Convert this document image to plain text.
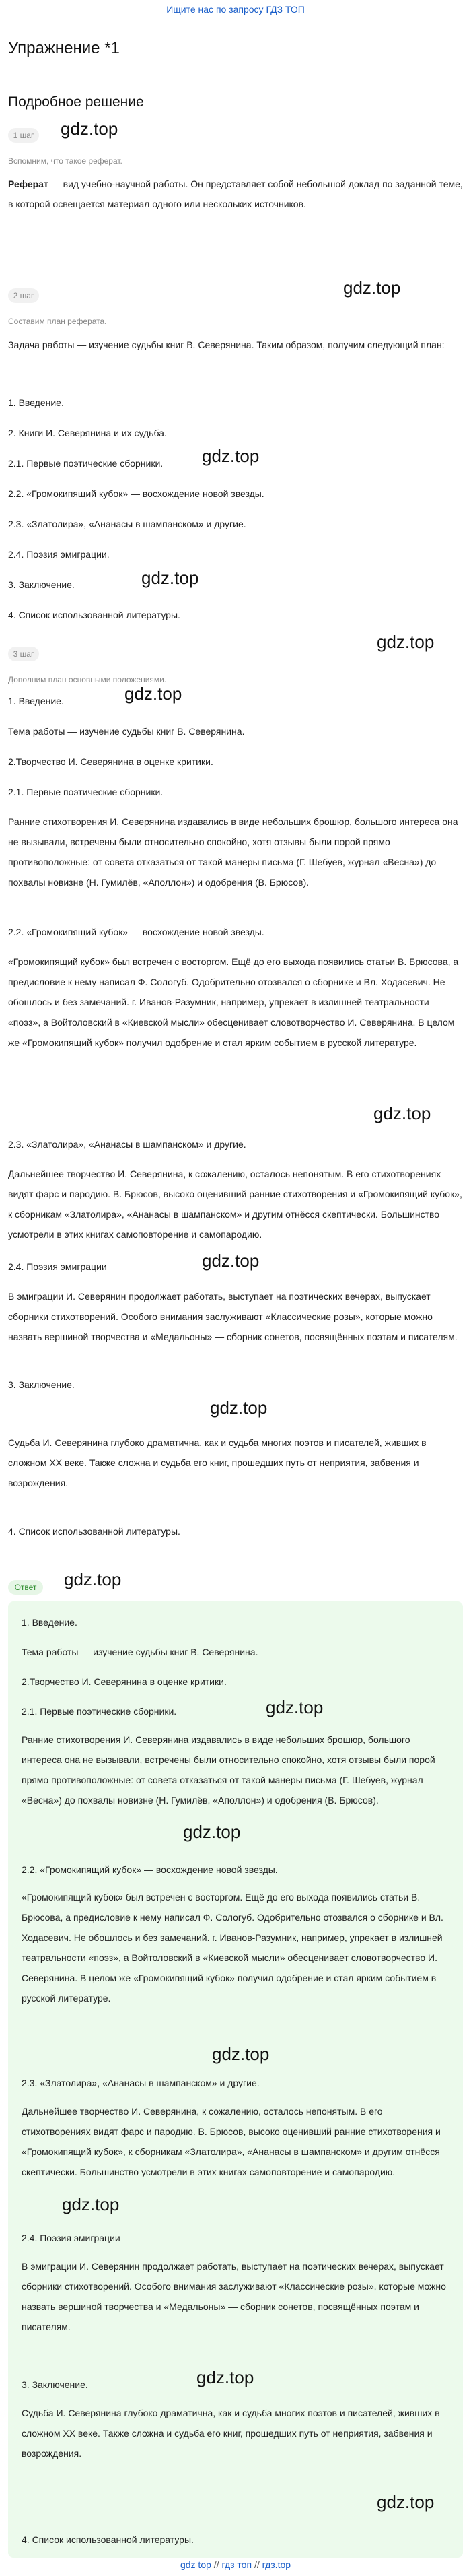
Ищите нас по запросу ГДЗ ТОП
Упражнение *1
Подробное решение
1 шаг gdz.top
Вспомним, что такое реферат.
Реферат — вид учебно-научной работы. Он представляет собой небольшой доклад по заданной теме, в которой освещается материал одного или нескольких источников.
2 шаг	gdz.top
Составим план реферата.
Задача работы — изучение судьбы книг В. Северянина. Таким образом, получим следующий план:
1. Введение.
2. Книги И. Северянина и их судьба.
2.1. Первые поэтические сборники.	gdz.top
2.2. «Громокипящий кубок» — восхождение новой звезды.
2.3. «Златолира», «Ананасы в шампанском» и другие.
2.4. Поэзия эмиграции.
3. Заключение.	gdz.top
4. Список использованной литературы.
gdz.top
3 шаг
Дополним план основными положениями.
1. Введение.	gdz.top
Тема работы — изучение судьбы книг В. Северянина.
2.Творчество И. Северянина в оценке критики.
2.1. Первые поэтические сборники.
Ранние стихотворения И. Северянина издавались в виде небольших брошюр, большого интереса она не вызывали, встречены были относительно спокойно, хотя отзывы были порой прямо противоположные: от совета отказаться от такой манеры письма (Г. Шебуев, журнал «Весна») до похвалы новизне (Н. Гумилёв, «Аполлон») и одобрения (В. Брюсов).
2.2. «Громокипящий кубок» — восхождение новой звезды.
«Громокипящий кубок» был встречен с восторгом. Ещё до его выхода появились статьи В. Брюсова, а предисловие к нему написал Ф. Сологуб. Одобрительно отозвался о сборнике и Вл. Ходасевич. Не обошлось и без замечаний. г. Иванов-Разумник, например, упрекает в излишней театральности «поэз», а Войтоловский в «Киевской мысли» обесценивает словотворчество И. Северянина. В целом же «Громокипящий кубок» получил одобрение и стал ярким событием в русской литературе.
gdz.top
2.3. «Златолира», «Ананасы в шампанском» и другие.
Дальнейшее творчество И. Северянина, к сожалению, осталось непонятым. В его стихотворениях видят фарс и пародию. В. Брюсов, высоко оценивший ранние стихотворения и «Громокипящий кубок», к сборникам «Златолира», «Ананасы в шампанском» и другим отнёсся скептически. Большинство усмотрели в этих книгах самоповторение и самопародию.
gdz.top
2.4. Поэзия эмиграции
В эмиграции И. Северянин продолжает работать, выступает на поэтических вечерах, выпускает сборники стихотворений. Особого внимания заслуживают «Классические розы», которые можно назвать вершиной творчества и «Медальоны» — сборник сонетов, посвящённых поэтам и писателям.
3. Заключение.
gdz.top
Судьба И. Северянина глубоко драматична, как и судьба многих поэтов и писателей, живших в сложном XX веке. Также сложна и судьба его книг, прошедших путь от неприятия, забвения и возрождения.
4. Список использованной литературы.
Ответ	gdz.top
1. Введение.
Тема работы — изучение судьбы книг В. Северянина.
2.Творчество И. Северянина в оценке критики.
gdz.top
2.1. Первые поэтические сборники.
Ранние стихотворения И. Северянина издавались в виде небольших брошюр, большого интереса она не вызывали, встречены были относительно спокойно, хотя отзывы были порой прямо противоположные: от совета отказаться от такой манеры письма (Г. Шебуев, журнал «Весна») до похвалы новизне (Н. Гумилёв, «Аполлон») и одобрения (В. Брюсов).
gdz.top
2.2. «Громокипящий кубок» — восхождение новой звезды.
«Громокипящий кубок» был встречен с восторгом. Ещё до его выхода появились статьи В. Брюсова, а предисловие к нему написал Ф. Сологуб. Одобрительно отозвался о сборнике и Вл. Ходасевич. Не обошлось и без замечаний. г. Иванов-Разумник, например, упрекает в излишней театральности «поэз», а Войтоловский в «Киевской мысли» обесценивает словотворчество И. Северянина. В целом же «Громокипящий кубок» получил одобрение и стал ярким событием в русской литературе.
gdz.top
2.3. «Златолира», «Ананасы в шампанском» и другие.
Дальнейшее творчество И. Северянина, к сожалению, осталось непонятым. В его стихотворениях видят фарс и пародию. В. Брюсов, высоко оценивший ранние стихотворения и «Громокипящий кубок», к сборникам «Златолира», «Ананасы в шампанском» и другим отнёсся скептически. Большинство усмотрели в этих книгах самоповторение и самопародию.
gdz.top
2.4. Поэзия эмиграции
В эмиграции И. Северянин продолжает работать, выступает на поэтических вечерах, выпускает сборники стихотворений. Особого внимания заслуживают «Классические розы», которые можно назвать вершиной творчества и «Медальоны» — сборник сонетов, посвящённых поэтам и писателям.
gdz.top
3. Заключение.
Судьба И. Северянина глубоко драматична, как и судьба многих поэтов и писателей, живших в сложном XX веке. Также сложна и судьба его книг, прошедших путь от неприятия, забвения и возрождения.
gdz.top
4. Список использованной литературы.
gdz top // гдз топ // гдз.top
